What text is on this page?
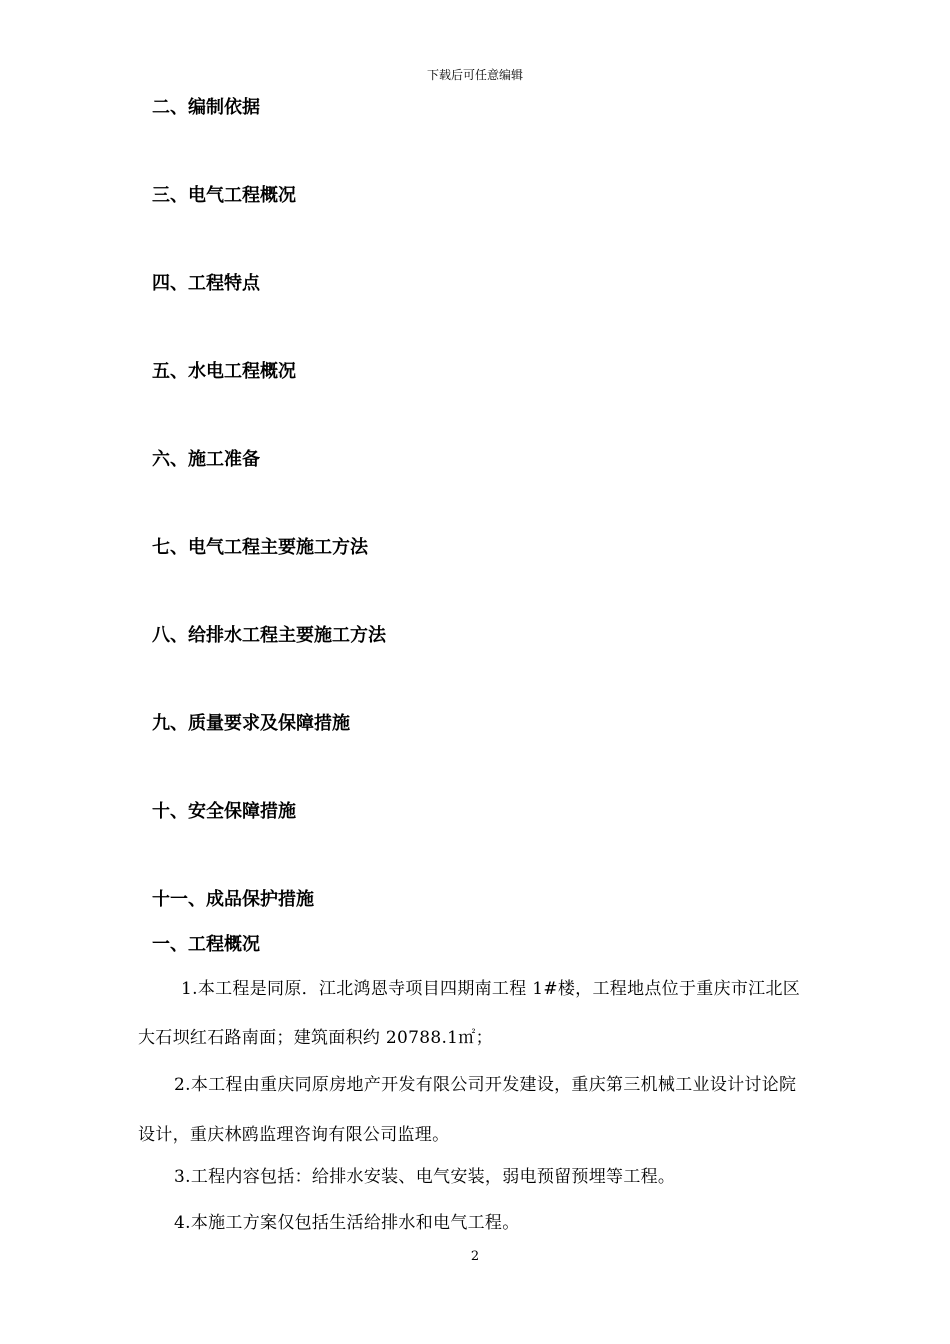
下载后可任意编辑
二、编制依据
三、电气工程概况
四、工程特点
五、水电工程概况
六、施工准备
七、电气工程主要施工方法
八、给排水工程主要施工方法
九、质量要求及保障措施
十、安全保障措施
十一、成品保护措施
一、工程概况
1.本工程是同原．江北鸿恩寺项目四期南工程 1#楼，工程地点位于重庆市江北区
大石坝红石路南面；建筑面积约 20788.1㎡；
2.本工程由重庆同原房地产开发有限公司开发建设，重庆第三机械工业设计讨论院
设计，重庆林鸥监理咨询有限公司监理。
3.工程内容包括：给排水安装、电气安装，弱电预留预埋等工程。
4.本施工方案仅包括生活给排水和电气工程。
2
